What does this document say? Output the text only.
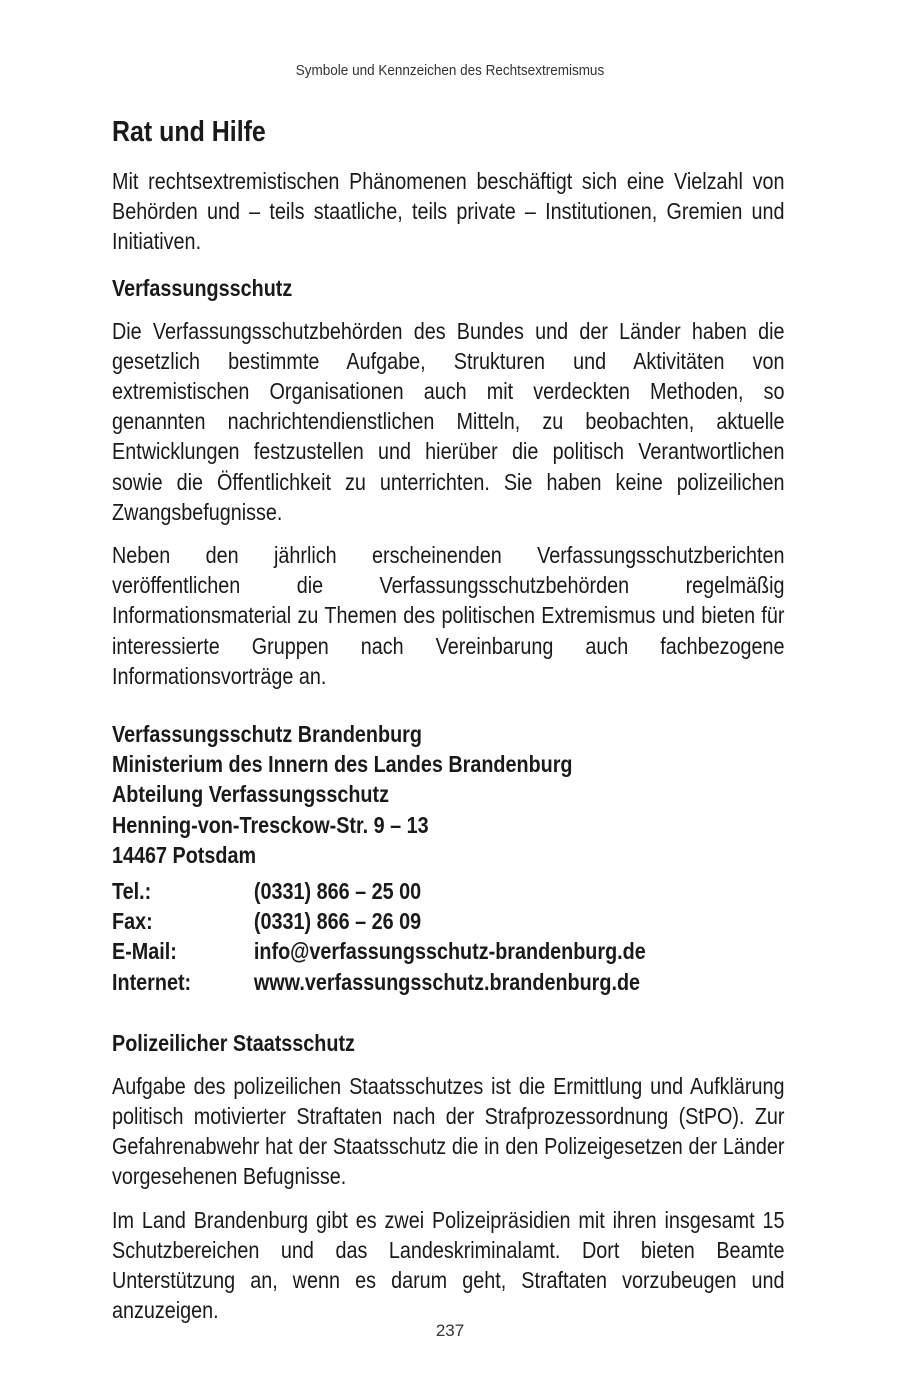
Symbole und Kennzeichen des Rechtsextremismus
Rat und Hilfe

Mit rechtsextremistischen Phänomenen beschäftigt sich eine Vielzahl von Behörden und – teils staatliche, teils private – Institutionen, Gremien und Initiativen.

Verfassungsschutz

Die Verfassungsschutzbehörden des Bundes und der Länder haben die gesetzlich bestimmte Aufgabe, Strukturen und Aktivitäten von extremistischen Organisationen auch mit verdeckten Methoden, so genannten nachrichtendienstlichen Mitteln, zu beobachten, aktuelle Entwicklungen festzustellen und hierüber die politisch Verantwortlichen sowie die Öffentlichkeit zu unterrichten. Sie haben keine polizeilichen Zwangsbefugnisse.

Neben den jährlich erscheinenden Verfassungsschutzberichten veröffentlichen die Verfassungsschutzbehörden regelmäßig Informationsmaterial zu Themen des politischen Extremismus und bieten für interessierte Gruppen nach Vereinbarung auch fachbezogene Informationsvorträge an.

Verfassungsschutz Brandenburg
Ministerium des Innern des Landes Brandenburg
Abteilung Verfassungsschutz
Henning-von-Tresckow-Str. 9 – 13
14467 Potsdam
Tel.:	(0331) 866 – 25 00
Fax:	(0331) 866 – 26 09
E-Mail:	info@verfassungsschutz-brandenburg.de
Internet:	www.verfassungsschutz.brandenburg.de
Polizeilicher Staatsschutz

Aufgabe des polizeilichen Staatsschutzes ist die Ermittlung und Aufklärung politisch motivierter Straftaten nach der Strafprozessordnung (StPO). Zur Gefahrenabwehr hat der Staatsschutz die in den Polizeigesetzen der Länder vorgesehenen Befugnisse.

Im Land Brandenburg gibt es zwei Polizeipräsidien mit ihren insgesamt 15 Schutzbereichen und das Landeskriminalamt. Dort bieten Beamte Unterstützung an, wenn es darum geht, Straftaten vorzubeugen und anzuzeigen.

237
